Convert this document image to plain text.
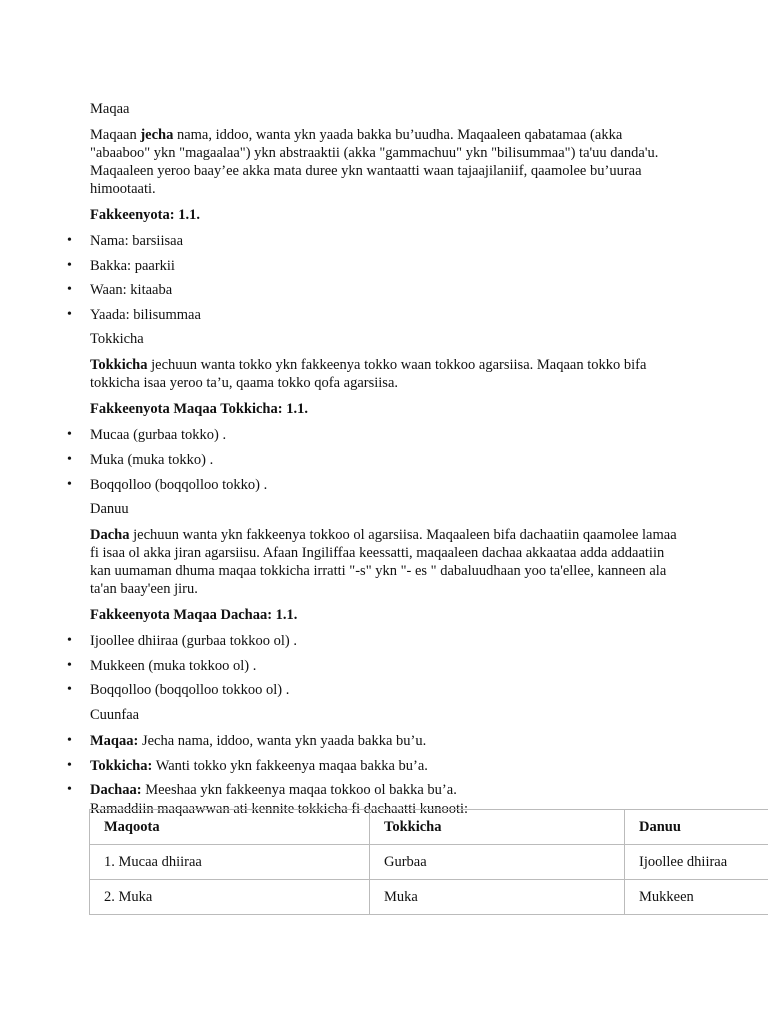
Maqaa

Maqaan jecha nama, iddoo, wanta ykn yaada bakka bu’uudha. Maqaaleen qabatamaa (akka "abaaboo" ykn "magaalaa") ykn abstraaktii (akka "gammachuu" ykn "bilisummaa") ta'uu danda'u. Maqaaleen yeroo baay’ee akka mata duree ykn wantaatti waan tajaajilaniif, qaamolee bu’uuraa himootaati.

Fakkeenyota: 1.1.

• Nama: barsiisaa
• Bakka: paarkii
• Waan: kitaaba
• Yaada: bilisummaa
Tokkicha

Tokkicha jechuun wanta tokko ykn fakkeenya tokko waan tokkoo agarsiisa. Maqaan tokko bifa tokkicha isaa yeroo ta’u, qaama tokko qofa agarsiisa.

Fakkeenyota Maqaa Tokkicha: 1.1.

• Mucaa (gurbaa tokko) .
• Muka (muka tokko) .
• Boqqolloo (boqqolloo tokko) .
Danuu

Dacha jechuun wanta ykn fakkeenya tokkoo ol agarsiisa. Maqaaleen bifa dachaatiin qaamolee lamaa fi isaa ol akka jiran agarsiisu. Afaan Ingiliffaa keessatti, maqaaleen dachaa akkaataa adda addaatiin kan uumaman dhuma maqaa tokkicha irratti "-s" ykn "- es " dabaluudhaan yoo ta'ellee, kanneen ala ta'an baay'een jiru.

Fakkeenyota Maqaa Dachaa: 1.1.

• Ijoollee dhiiraa (gurbaa tokkoo ol) .
• Mukkeen (muka tokkoo ol) .
• Boqqolloo (boqqolloo tokkoo ol) .
Cuunfaa
• Maqaa: Jecha nama, iddoo, wanta ykn yaada bakka bu’u.
• Tokkicha: Wanti tokko ykn fakkeenya maqaa bakka bu’a.
• Dachaa: Meeshaa ykn fakkeenya maqaa tokkoo ol bakka bu’a.

Ramaddiin maqaawwan ati kennite tokkicha fi dachaatti kunooti:

Maqoota	Tokkicha	Danuu
1. Mucaa dhiiraa	Gurbaa	Ijoollee dhiiraa
2. Muka	Muka	Mukkeen
